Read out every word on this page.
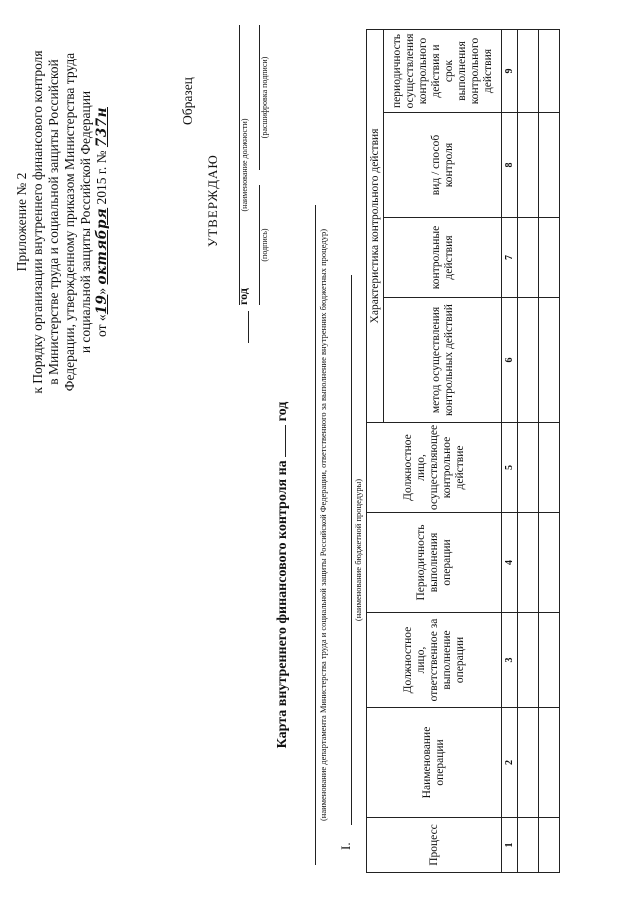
Приложение № 2 к Порядку организации внутреннего финансового контроля в Министерстве труда и социальной защиты Российской Федерации, утвержденному приказом Министерства труда и социальной защиты Российской Федерации от «19» октября 2015 г. № 737н
Образец
УТВЕРЖДАЮ	(наименование должности)
(подпись)
(расшифровка подписи)
год
Карта внутреннего финансового контроля на  год	(наименование департамента Министерства труда и социальной защиты Российской Федерации, ответственного за выполнение внутренних бюджетных процедур)
I.
(наименование бюджетной процедуры)
Процесс	Наименование операции	Должностное лицо, ответственное за выполнение операции	Периодичность выполнения операции	Должностное лицо, осуществляющее контрольное действие	Характеристика контрольного действия			
					метод осуществления контрольных действий	контрольные действия	вид / способ контроля	периодичность осуществления контрольного действия и срок выполнения контрольного действия
1	2	3	4	5	6	7	8	9
